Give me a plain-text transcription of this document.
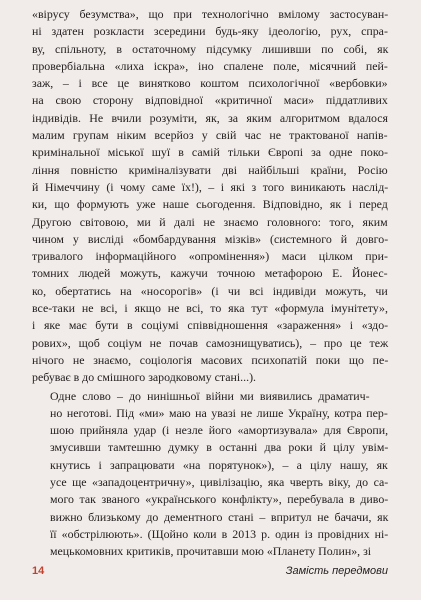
«вірусу безумства», що при технологічно вмілому застосуван-
ні здатен розкласти зсередини будь-яку ідеологію, рух, спра-
ву, спільноту, в остаточному підсумку лишивши по собі, як
провербіальна «лиха іскра», іно спалене поле, місячний пей-
заж, – і все це винятково коштом психологічної «вербовки»
на свою сторону відповідної «критичної маси» піддатливих
індивідів. Не вчили розуміти, як, за яким алгоритмом вдалося
малим групам ніким всерйоз у свій час не трактованої напів-
кримінальної міської шуї в самій тільки Європі за одне поко-
ління повністю криміналізувати дві найбільші країни, Росію
й Німеччину (і чому саме їх!), – і які з того виникають наслід-
ки, що формують уже наше сьогодення. Відповідно, як і перед
Другою світовою, ми й далі не знаємо головного: того, яким
чином у висліді «бомбардування мізків» (системного й довго-
тривалого інформаційного «опромінення») маси цілком при-
томних людей можуть, кажучи точною метафорою Е. Йонес-
ко, обертатись на «носорогів» (і чи всі індивіди можуть, чи
все-таки не всі, і якщо не всі, то яка тут «формула імунітету»,
і яке має бути в соціумі співвідношення «зараження» і «здо-
рових», щоб соціум не почав самознищуватись), – про це теж
нічого не знаємо, соціологія масових психопатій поки що пе-
ребуває в до смішного зародковому стані...).

Одне слово – до нинішньої війни ми виявились драматич-
но неготові. Під «ми» маю на увазі не лише Україну, котра пер-
шою прийняла удар (і незле його «амортизувала» для Європи,
змусивши тамтешню думку в останні два роки й цілу увім-
кнутись і запрацювати «на порятунок»), – а цілу нашу, як
усе ще «западоцентричну», цивілізацію, яка чверть віку, до са-
мого так званого «українського конфлікту», перебувала в диво-
вижно близькому до дементного стані – впритул не бачачи, як
її «обстрілюють». (Щойно коли в 2013 р. один із провідних ні-
мецькомовних критиків, прочитавши мою «Планету Полин», зі

14	Замість передмови
